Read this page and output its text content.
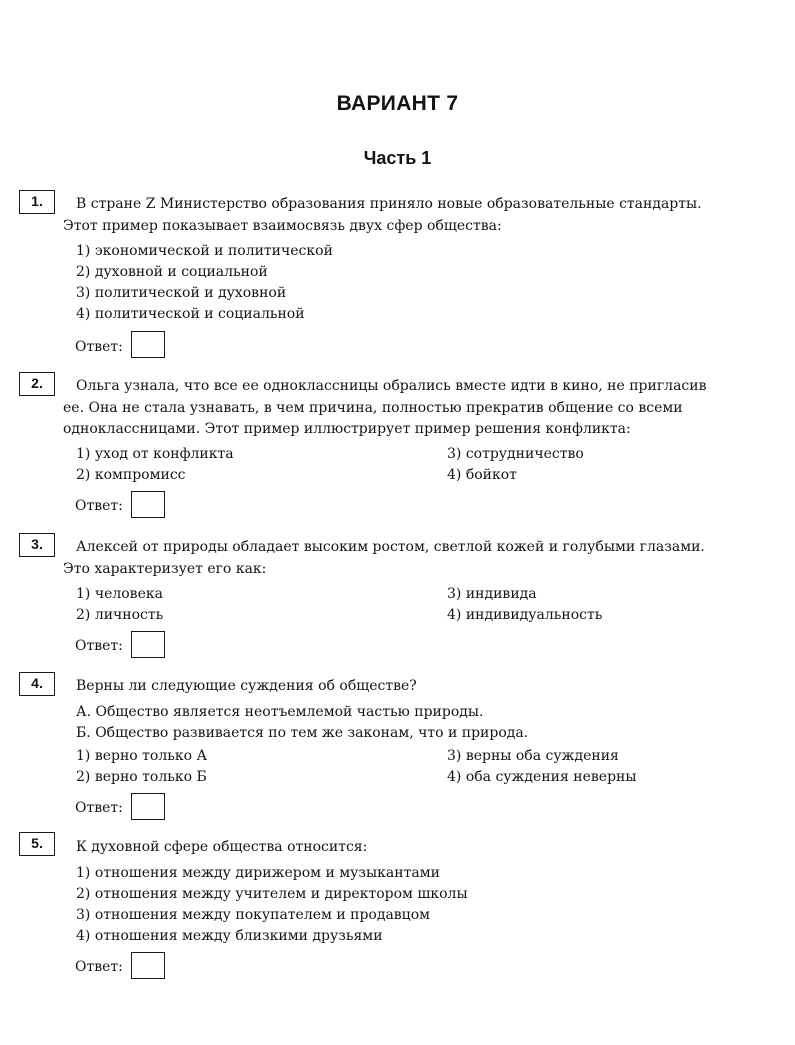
ВАРИАНТ 7
Часть 1
1.	В стране Z Министерство образования приняло новые образовательные стандарты.
Этот пример показывает взаимосвязь двух сфер общества:
1) экономической и политической
2) духовной и социальной
3) политической и духовной
4) политической и социальной
Ответ:
2.	Ольга узнала, что все ее одноклассницы обрались вместе идти в кино, не пригласив
ее. Она не стала узнавать, в чем причина, полностью прекратив общение со всеми
одноклассницами. Этот пример иллюстрирует пример решения конфликта:
1) уход от конфликта
2) компромисс
3) сотрудничество
4) бойкот
Ответ:
3.	Алексей от природы обладает высоким ростом, светлой кожей и голубыми глазами.
Это характеризует его как:
1) человека
2) личность
3) индивида
4) индивидуальность
Ответ:
4.	Верны ли следующие суждения об обществе?
А. Общество является неотъемлемой частью природы.
Б. Общество развивается по тем же законам, что и природа.
1) верно только А
2) верно только Б
3) верны оба суждения
4) оба суждения неверны
Ответ:
5.	К духовной сфере общества относится:
1) отношения между дирижером и музыкантами
2) отношения между учителем и директором школы
3) отношения между покупателем и продавцом
4) отношения между близкими друзьями
Ответ:
